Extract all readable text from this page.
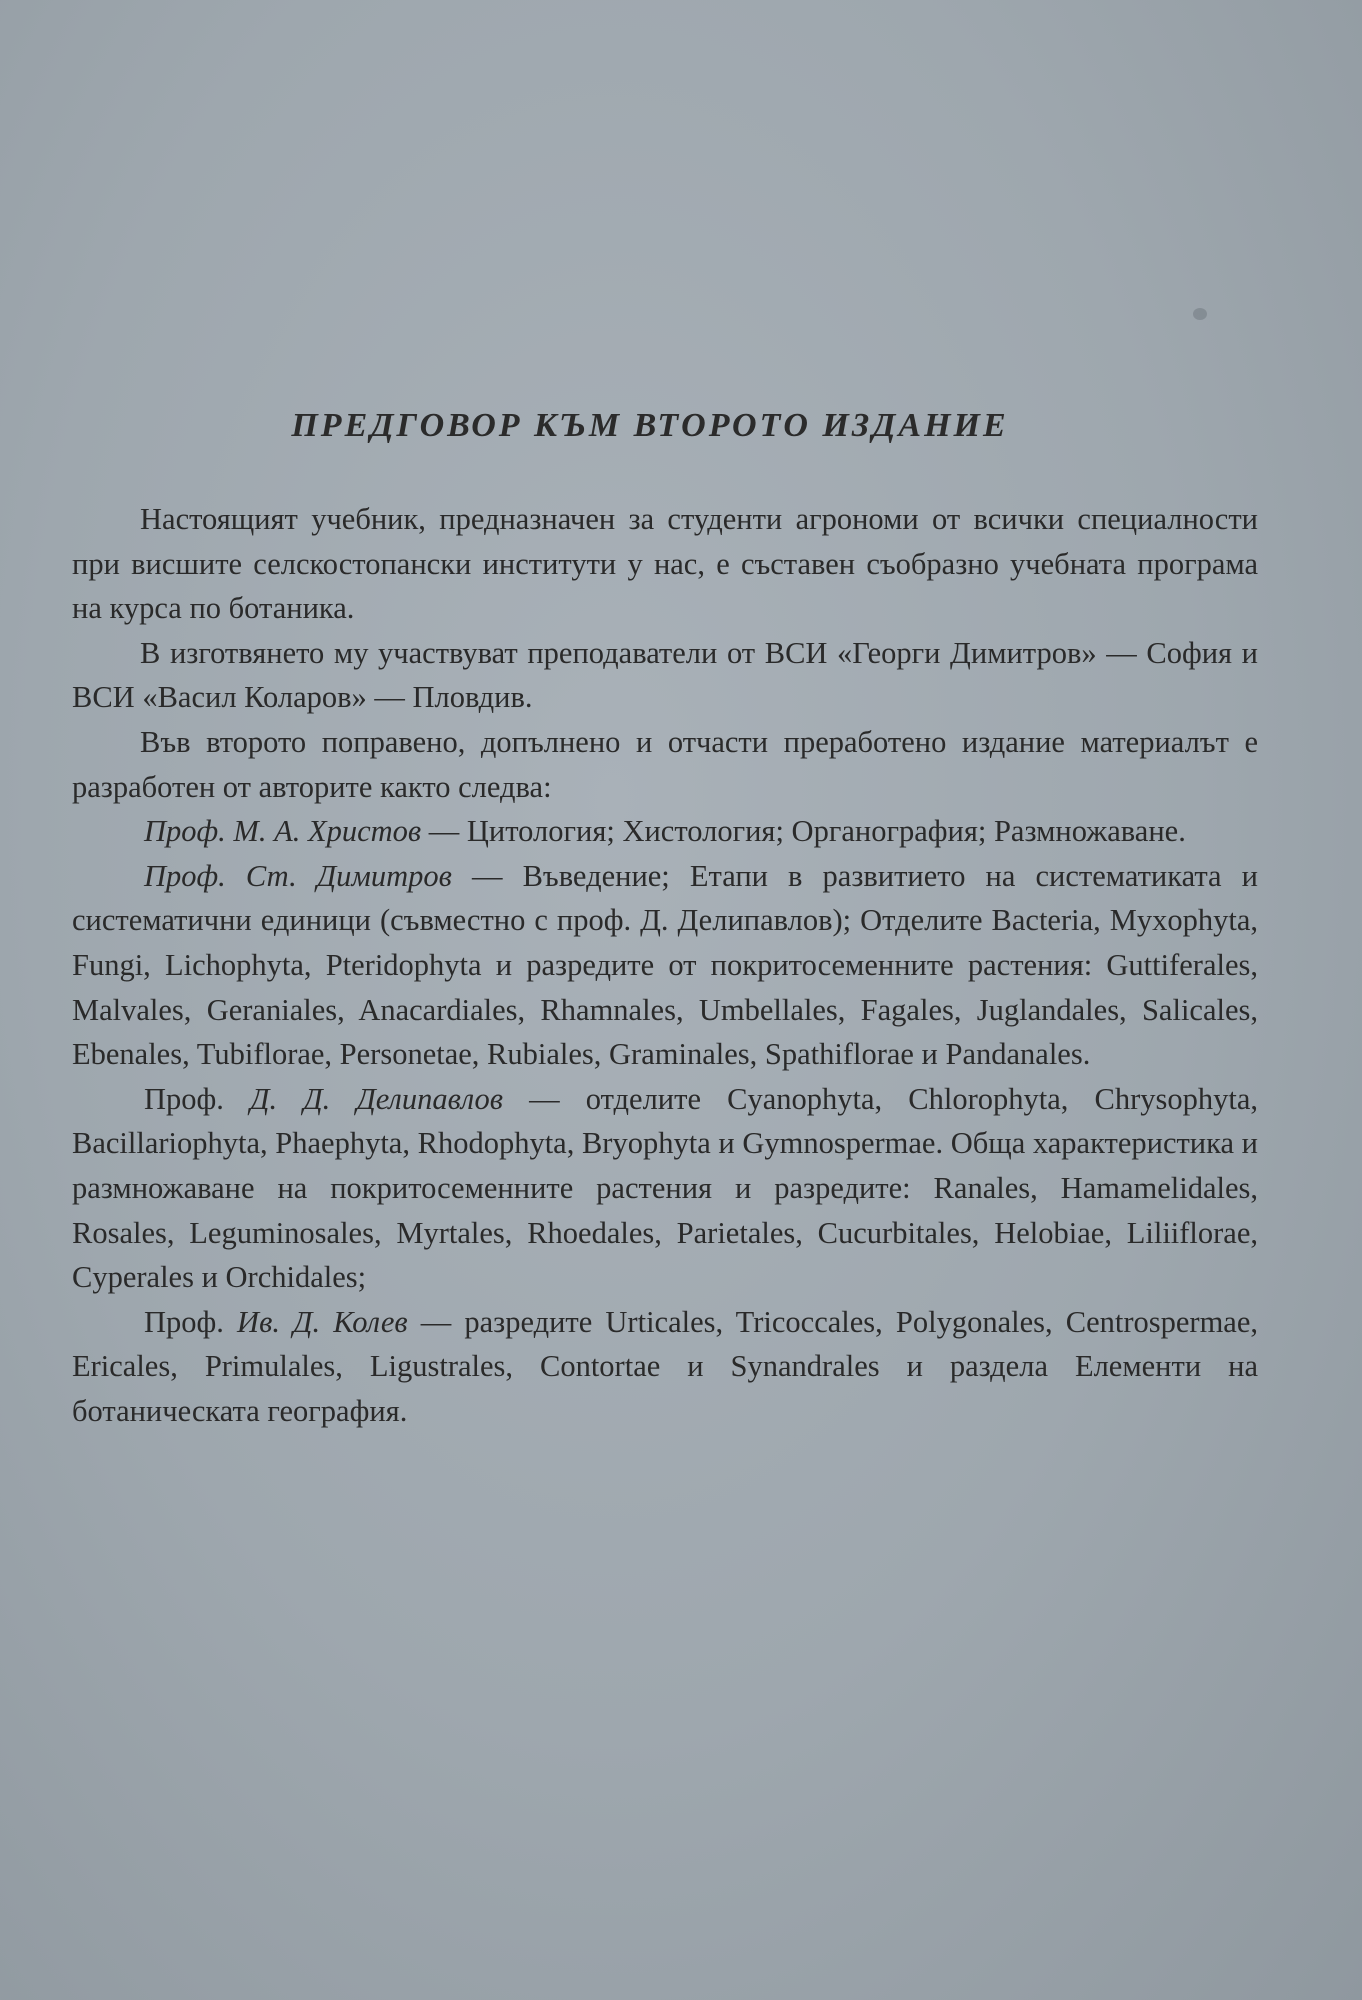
ПРЕДГОВОР КЪМ ВТОРОТО ИЗДАНИЕ

Настоящият учебник, предназначен за студенти агрономи от всички специалности при висшите селскостопански институти у нас, е съставен съобразно учебната програма на курса по ботаника.

В изготвянето му участвуват преподаватели от ВСИ «Георги Димитров» — София и ВСИ «Васил Коларов» — Пловдив.

Във второто поправено, допълнено и отчасти преработено издание материалът е разработен от авторите както следва:

Проф. М. А. Христов — Цитология; Хистология; Органография; Размножаване.

Проф. Ст. Димитров — Въведение; Етапи в развитието на систематиката и систематични единици (съвместно с проф. Д. Делипавлов); Отделите Bacteria, Myxophyta, Fungi, Lichophyta, Pteridophyta и разредите от покритосеменните растения: Guttiferales, Malvales, Geraniales, Anacardiales, Rhamnales, Umbellales, Fagales, Juglandales, Salicales, Ebenales, Tubiflorae, Personetae, Rubiales, Graminales, Spathiflorae и Pandanales.

Проф. Д. Д. Делипавлов — отделите Cyanophyta, Chlorophyta, Chrysophyta, Bacillariophyta, Phaephyta, Rhodophyta, Bryophyta и Gymnospermae. Обща характеристика и размножаване на покритосеменните растения и разредите: Ranales, Hamamelidales, Rosales, Leguminosales, Myrtales, Rhoedales, Parietales, Cucurbitales, Helobiae, Liliiflorae, Cyperales и Orchidales;

Проф. Ив. Д. Колев — разредите Urticales, Tricoccales, Polygonales, Centrospermae, Ericales, Primulales, Ligustrales, Contortae и Synandrales и раздела Елементи на ботаническата география.
